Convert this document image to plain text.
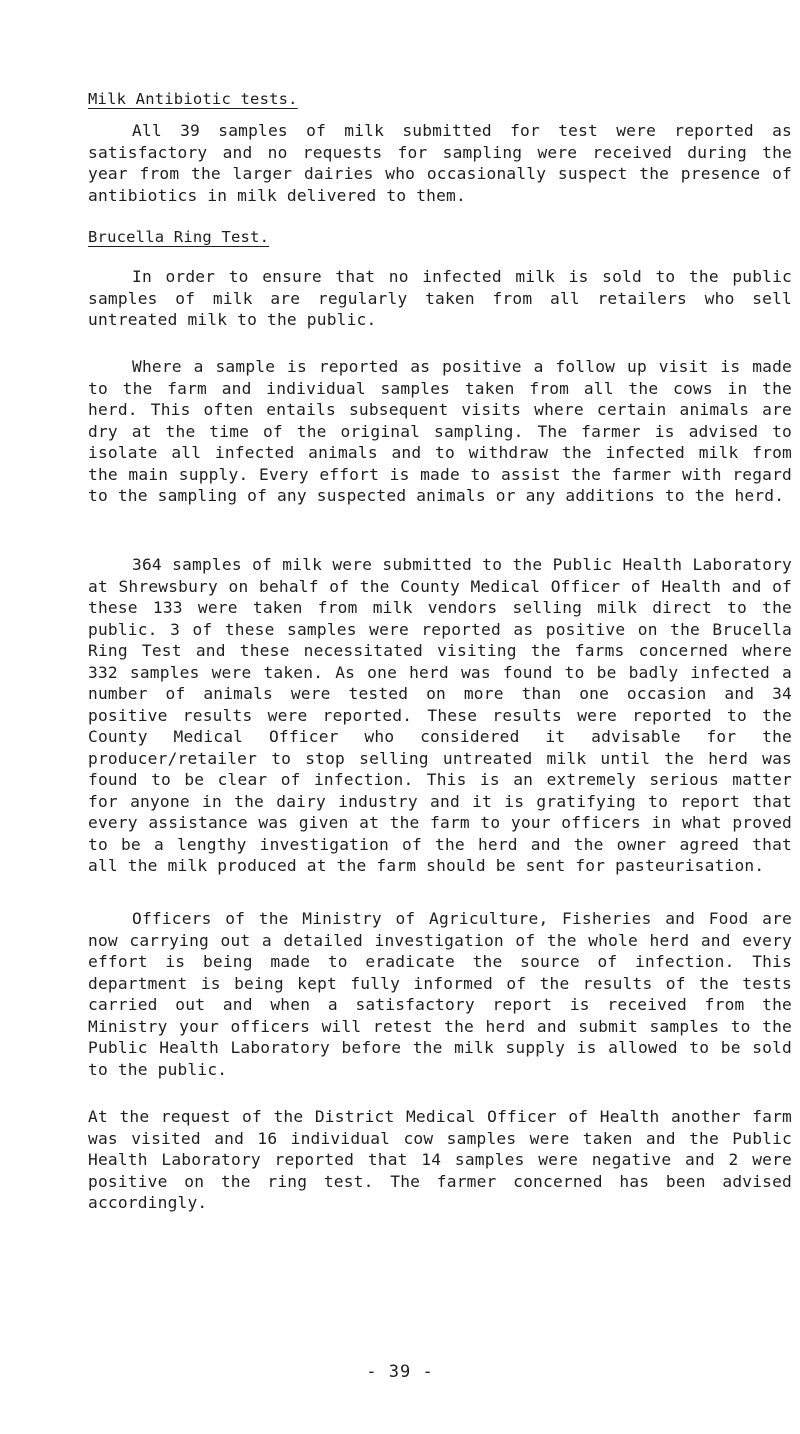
Milk Antibiotic tests.

All 39 samples of milk submitted for test were reported as satisfactory and no requests for sampling were received during the year from the larger dairies who occasionally suspect the presence of antibiotics in milk delivered to them.

Brucella Ring Test.

In order to ensure that no infected milk is sold to the public samples of milk are regularly taken from all retailers who sell untreated milk to the public.

Where a sample is reported as positive a follow up visit is made to the farm and individual samples taken from all the cows in the herd. This often entails subsequent visits where certain animals are dry at the time of the original sampling. The farmer is advised to isolate all infected animals and to withdraw the infected milk from the main supply. Every effort is made to assist the farmer with regard to the sampling of any suspected animals or any additions to the herd.

364 samples of milk were submitted to the Public Health Laboratory at Shrewsbury on behalf of the County Medical Officer of Health and of these 133 were taken from milk vendors selling milk direct to the public. 3 of these samples were reported as positive on the Brucella Ring Test and these necessitated visiting the farms concerned where 332 samples were taken. As one herd was found to be badly infected a number of animals were tested on more than one occasion and 34 positive results were reported. These results were reported to the County Medical Officer who considered it advisable for the producer/retailer to stop selling untreated milk until the herd was found to be clear of infection. This is an extremely serious matter for anyone in the dairy industry and it is gratifying to report that every assistance was given at the farm to your officers in what proved to be a lengthy investigation of the herd and the owner agreed that all the milk produced at the farm should be sent for pasteurisation.

Officers of the Ministry of Agriculture, Fisheries and Food are now carrying out a detailed investigation of the whole herd and every effort is being made to eradicate the source of infection. This department is being kept fully informed of the results of the tests carried out and when a satisfactory report is received from the Ministry your officers will retest the herd and submit samples to the Public Health Laboratory before the milk supply is allowed to be sold to the public.

At the request of the District Medical Officer of Health another farm was visited and 16 individual cow samples were taken and the Public Health Laboratory reported that 14 samples were negative and 2 were positive on the ring test. The farmer concerned has been advised accordingly.

- 39 -
